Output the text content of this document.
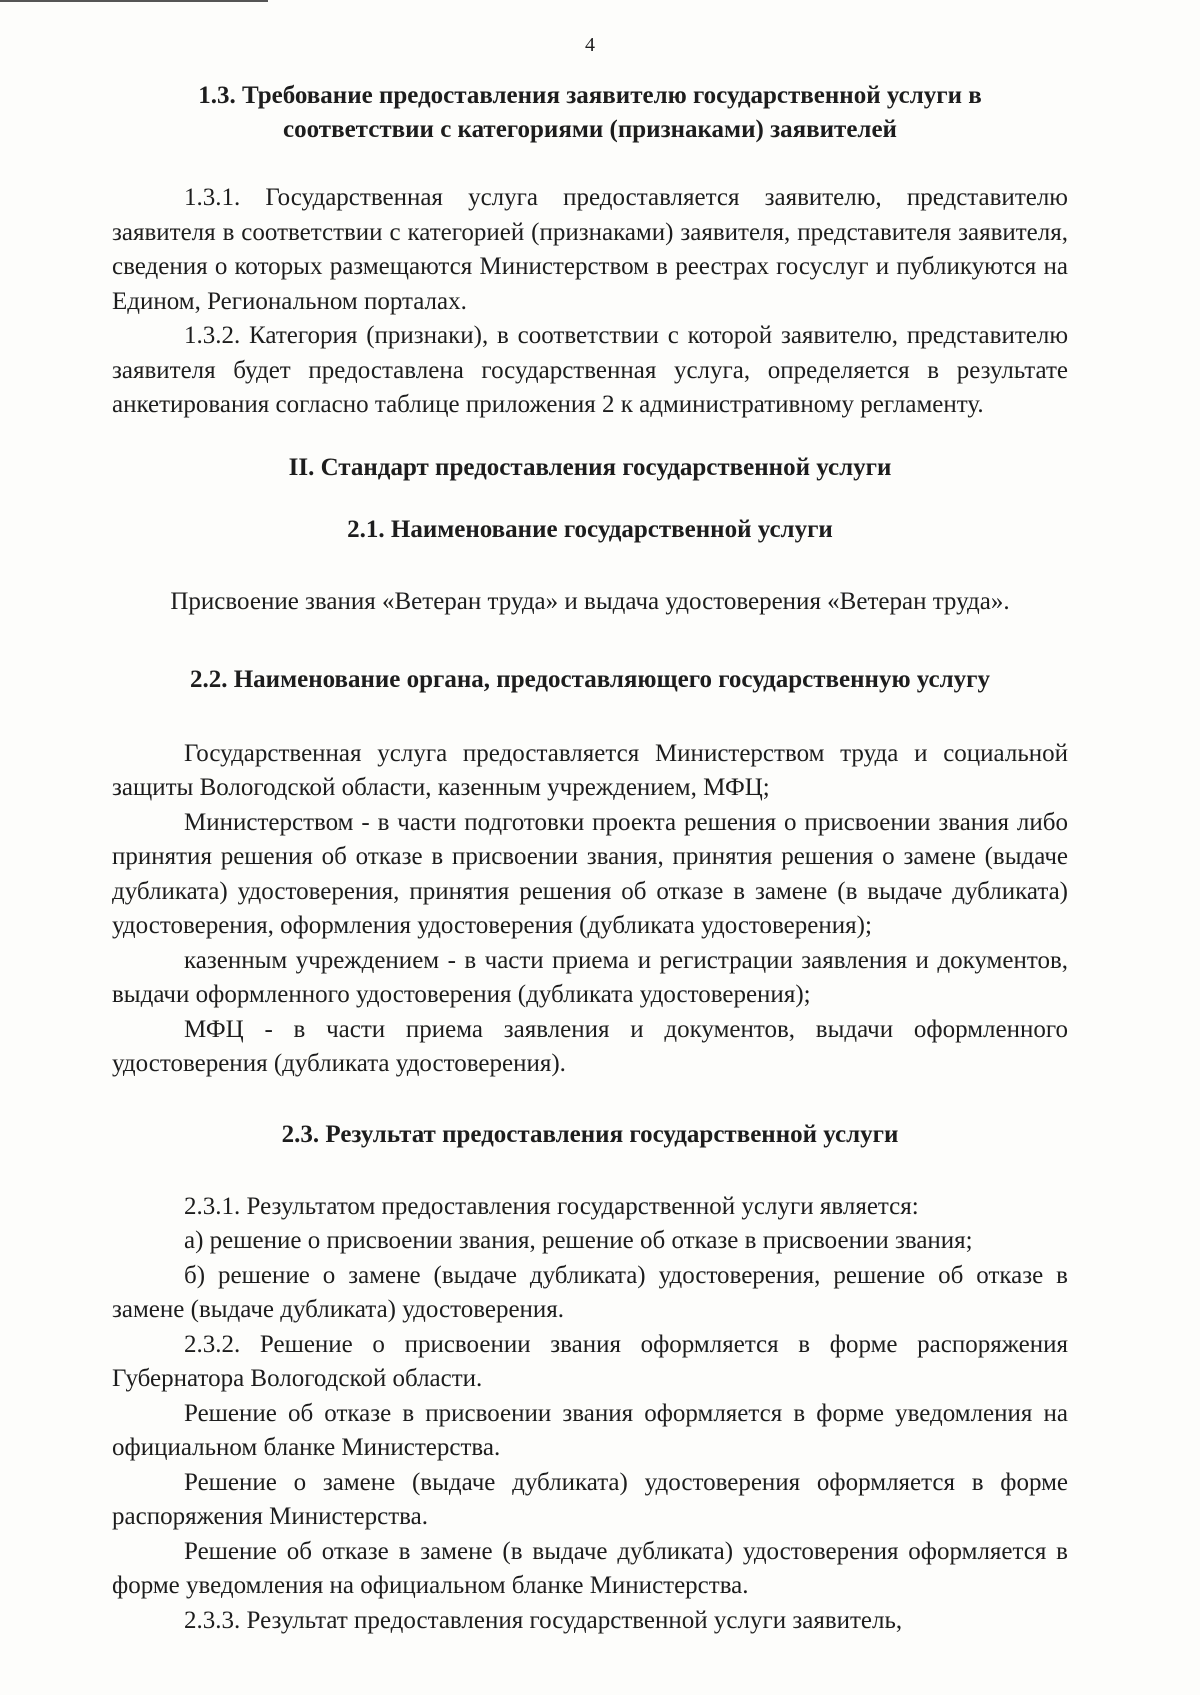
4
1.3. Требование предоставления заявителю государственной услуги в соответствии с категориями (признаками) заявителей

1.3.1. Государственная услуга предоставляется заявителю, представителю заявителя в соответствии с категорией (признаками) заявителя, представителя заявителя, сведения о которых размещаются Министерством в реестрах госуслуг и публикуются на Едином, Региональном порталах.

1.3.2. Категория (признаки), в соответствии с которой заявителю, представителю заявителя будет предоставлена государственная услуга, определяется в результате анкетирования согласно таблице приложения 2 к административному регламенту.

II. Стандарт предоставления государственной услуги
2.1. Наименование государственной услуги

Присвоение звания «Ветеран труда» и выдача удостоверения «Ветеран труда».

2.2. Наименование органа, предоставляющего государственную услугу

Государственная услуга предоставляется Министерством труда и социальной защиты Вологодской области, казенным учреждением, МФЦ;

Министерством - в части подготовки проекта решения о присвоении звания либо принятия решения об отказе в присвоении звания, принятия решения о замене (выдаче дубликата) удостоверения, принятия решения об отказе в замене (в выдаче дубликата) удостоверения, оформления удостоверения (дубликата удостоверения);

казенным учреждением - в части приема и регистрации заявления и документов, выдачи оформленного удостоверения (дубликата удостоверения);

МФЦ - в части приема заявления и документов, выдачи оформленного удостоверения (дубликата удостоверения).

2.3. Результат предоставления государственной услуги

2.3.1. Результатом предоставления государственной услуги является:

а) решение о присвоении звания, решение об отказе в присвоении звания;

б) решение о замене (выдаче дубликата) удостоверения, решение об отказе в замене (выдаче дубликата) удостоверения.

2.3.2. Решение о присвоении звания оформляется в форме распоряжения Губернатора Вологодской области.

Решение об отказе в присвоении звания оформляется в форме уведомления на официальном бланке Министерства.

Решение о замене (выдаче дубликата) удостоверения оформляется в форме распоряжения Министерства.

Решение об отказе в замене (в выдаче дубликата) удостоверения оформляется в форме уведомления на официальном бланке Министерства.

2.3.3. Результат предоставления государственной услуги заявитель,
